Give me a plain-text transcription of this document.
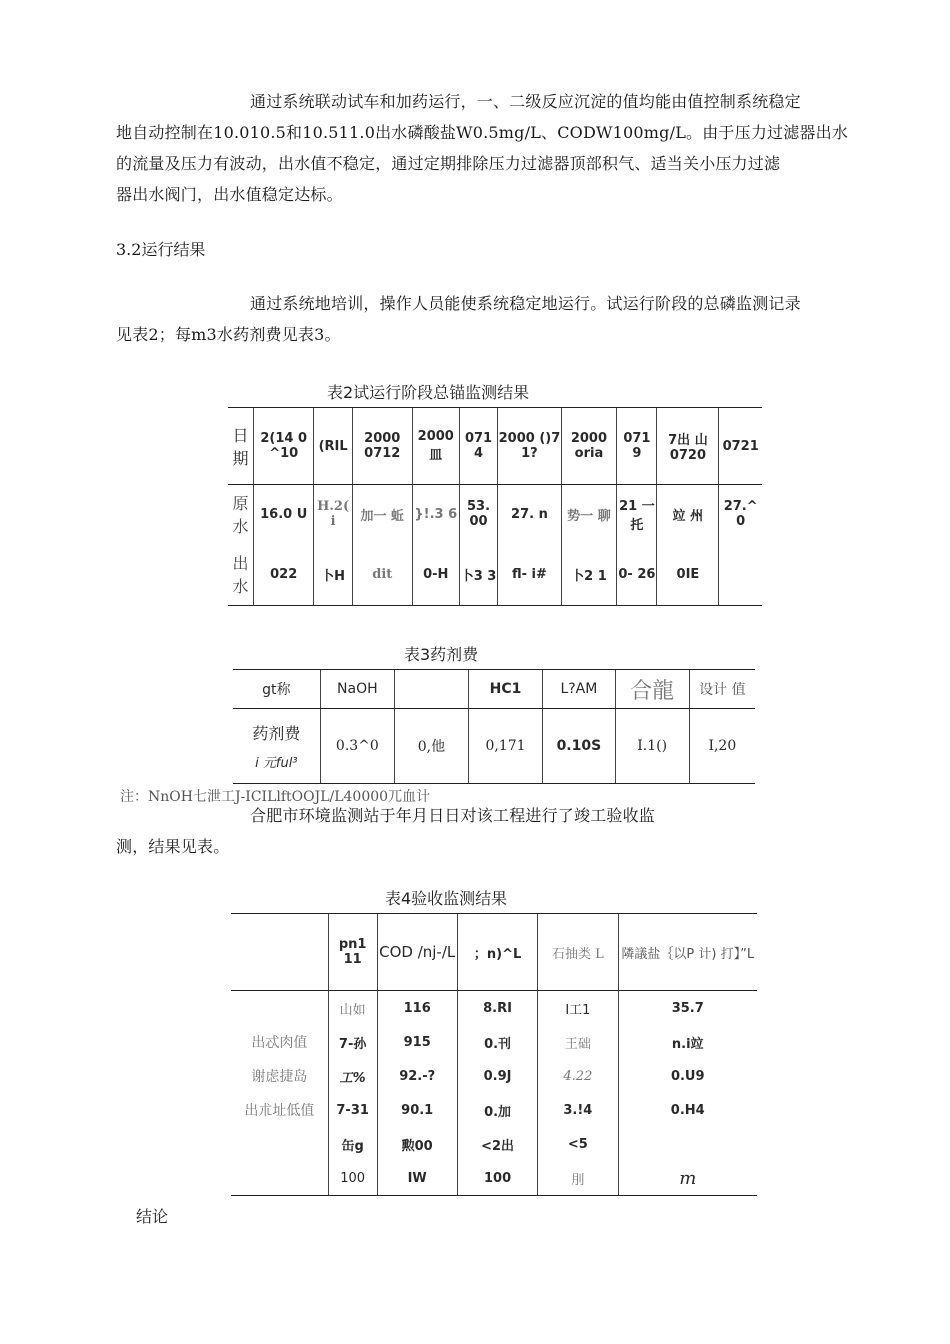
通过系统联动试车和加药运行，一、二级反应沉淀的值均能由值控制系统稳定
地自动控制在10.010.5和10.511.0出水磷酸盐W0.5mg/L、CODW100mg/L。由于压力过滤器出水
的流量及压力有波动，出水值不稳定，通过定期排除压力过滤器顶部积气、适当关小压力过滤
器出水阀门，出水值稳定达标。
3.2运行结果
通过系统地培训，操作人员能使系统稳定地运行。试运行阶段的总磷监测记录
见表2；每m3水药剂费见表3。
表2试运行阶段总锚监测结果
日期	2(14 0 ^10	(RIL	2000 0712	2000 皿	071 4	2000 ()7 1?	2000 oria	071 9	7出 山 0720	0721
原水	16.0 U	H.2( i	加一 蚯	}!.3 6	53. 00	27. n	势一 聊	21 一托	竝 州	27.^ 0
出水	022	卜H	dit	0-H	卜3 3	fl- i#	卜2 1	0- 26	0IE	
表3药剂费
gt称	NaOH		HC1	L?AM	合龍	设计 值

药剂费
i 元ful³	0.3^0	0,他	0,171	0.10S	I.1()	I,20
注：NnOH七泄工J-ICILlftOOJL/L40000兀血计
合肥市环境监测站于年月日日对该工程进行了竣工验收监
测，结果见表。
表4验收监测结果
	pn1 11	COD /nj-/L	；n)^L	石抽类 L	隣議盐｛以P 计) 打】”L
	山如	116	8.RI	I工1	35.7
出忒肉值	7-孙	915	0.刊	王础	n.i竝
谢虑捷岛	工%	92.-?	0.9J	4.22	0.U9
出朮址低值	7-31	90.1	0.加	3.!4	0.H4
	缶g	勲00	<2出	<5	
	100	IW	100	刖	m
结论
